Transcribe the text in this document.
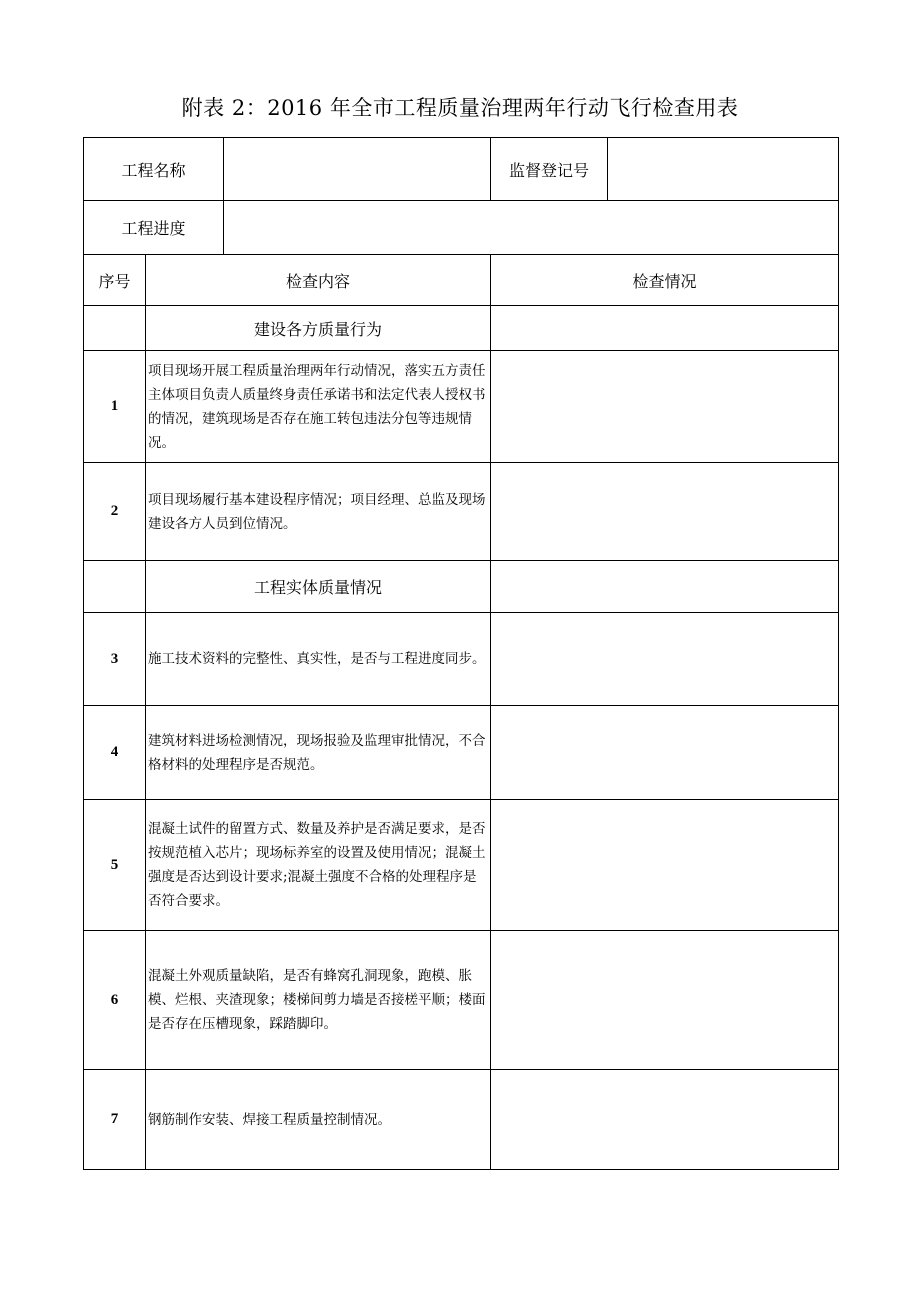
附表 2：2016 年全市工程质量治理两年行动飞行检查用表
工程名称			监督登记号	
工程进度				
序号	检查内容		检查情况	
	建设各方质量行为			
1	项目现场开展工程质量治理两年行动情况，落实五方责任主体项目负责人质量终身责任承诺书和法定代表人授权书的情况，建筑现场是否存在施工转包违法分包等违规情况。			
2	项目现场履行基本建设程序情况；项目经理、总监及现场建设各方人员到位情况。			
	工程实体质量情况			
3	施工技术资料的完整性、真实性，是否与工程进度同步。			
4	建筑材料进场检测情况，现场报验及监理审批情况，不合格材料的处理程序是否规范。			
5	混凝土试件的留置方式、数量及养护是否满足要求，是否按规范植入芯片；现场标养室的设置及使用情况；混凝土强度是否达到设计要求;混凝土强度不合格的处理程序是否符合要求。			
6	混凝土外观质量缺陷，是否有蜂窝孔洞现象，跑模、胀模、烂根、夹渣现象；楼梯间剪力墙是否接槎平顺；楼面是否存在压槽现象，踩踏脚印。			
7	钢筋制作安装、焊接工程质量控制情况。			
